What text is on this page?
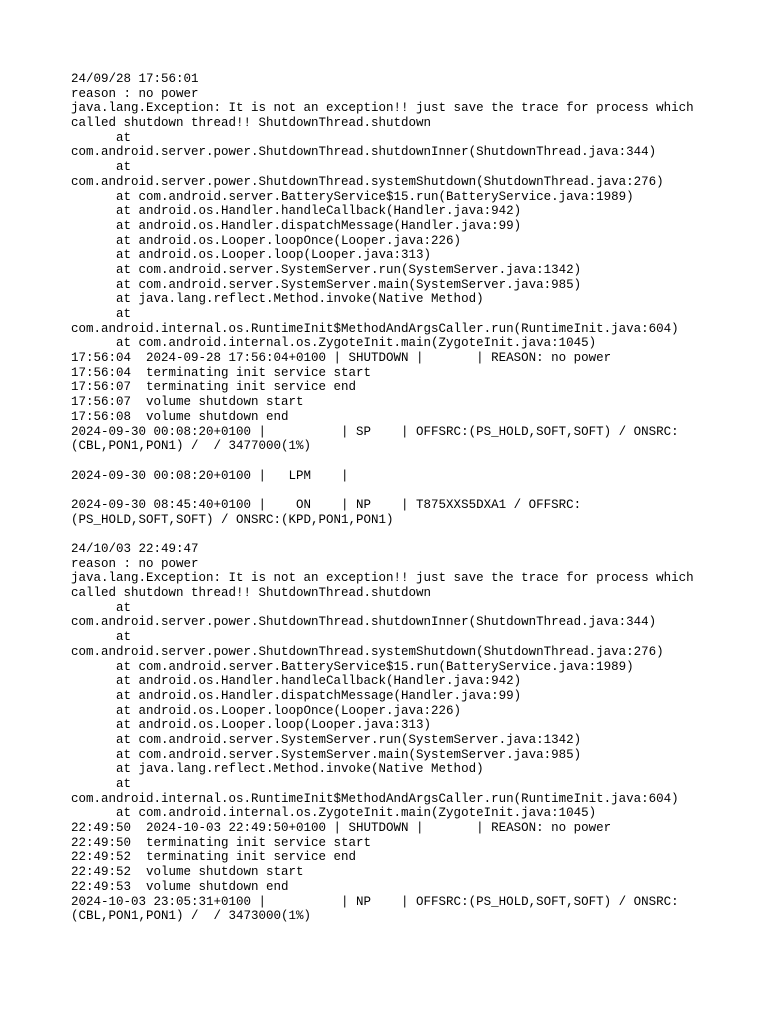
24/09/28 17:56:01
reason : no power
java.lang.Exception: It is not an exception!! just save the trace for process which
called shutdown thread!! ShutdownThread.shutdown
at
com.android.server.power.ShutdownThread.shutdownInner(ShutdownThread.java:344)
at
com.android.server.power.ShutdownThread.systemShutdown(ShutdownThread.java:276)
at com.android.server.BatteryService$15.run(BatteryService.java:1989)
at android.os.Handler.handleCallback(Handler.java:942)
at android.os.Handler.dispatchMessage(Handler.java:99)
at android.os.Looper.loopOnce(Looper.java:226)
at android.os.Looper.loop(Looper.java:313)
at com.android.server.SystemServer.run(SystemServer.java:1342)
at com.android.server.SystemServer.main(SystemServer.java:985)
at java.lang.reflect.Method.invoke(Native Method)
at
com.android.internal.os.RuntimeInit$MethodAndArgsCaller.run(RuntimeInit.java:604)
at com.android.internal.os.ZygoteInit.main(ZygoteInit.java:1045)
17:56:04  2024-09-28 17:56:04+0100 | SHUTDOWN |       | REASON: no power
17:56:04  terminating init service start
17:56:07  terminating init service end
17:56:07  volume shutdown start
17:56:08  volume shutdown end
2024-09-30 00:08:20+0100 |          | SP    | OFFSRC:(PS_HOLD,SOFT,SOFT) / ONSRC:
(CBL,PON1,PON1) /  / 3477000(1%)
2024-09-30 00:08:20+0100 |   LPM    |
2024-09-30 08:45:40+0100 |    ON    | NP    | T875XXS5DXA1 / OFFSRC:
(PS_HOLD,SOFT,SOFT) / ONSRC:(KPD,PON1,PON1)
24/10/03 22:49:47
reason : no power
java.lang.Exception: It is not an exception!! just save the trace for process which
called shutdown thread!! ShutdownThread.shutdown
at
com.android.server.power.ShutdownThread.shutdownInner(ShutdownThread.java:344)
at
com.android.server.power.ShutdownThread.systemShutdown(ShutdownThread.java:276)
at com.android.server.BatteryService$15.run(BatteryService.java:1989)
at android.os.Handler.handleCallback(Handler.java:942)
at android.os.Handler.dispatchMessage(Handler.java:99)
at android.os.Looper.loopOnce(Looper.java:226)
at android.os.Looper.loop(Looper.java:313)
at com.android.server.SystemServer.run(SystemServer.java:1342)
at com.android.server.SystemServer.main(SystemServer.java:985)
at java.lang.reflect.Method.invoke(Native Method)
at
com.android.internal.os.RuntimeInit$MethodAndArgsCaller.run(RuntimeInit.java:604)
at com.android.internal.os.ZygoteInit.main(ZygoteInit.java:1045)
22:49:50  2024-10-03 22:49:50+0100 | SHUTDOWN |       | REASON: no power
22:49:50  terminating init service start
22:49:52  terminating init service end
22:49:52  volume shutdown start
22:49:53  volume shutdown end
2024-10-03 23:05:31+0100 |          | NP    | OFFSRC:(PS_HOLD,SOFT,SOFT) / ONSRC:
(CBL,PON1,PON1) /  / 3473000(1%)
